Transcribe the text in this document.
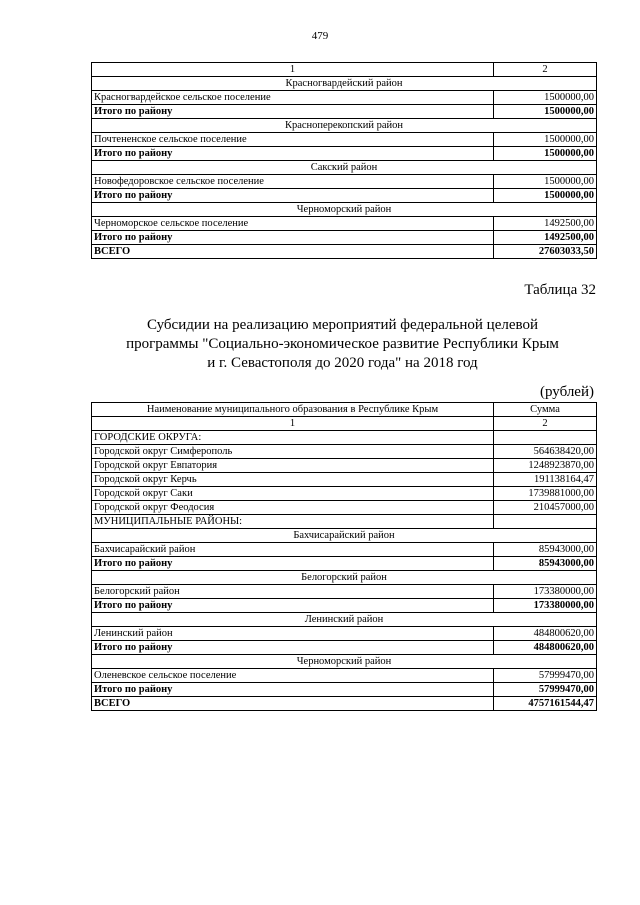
479
1	2
Красногвардейский район	
Красногвардейское сельское поселение	1500000,00
Итого по району	1500000,00
Красноперекопский район	
Почтененское сельское поселение	1500000,00
Итого по району	1500000,00
Сакский район	
Новофедоровское сельское поселение	1500000,00
Итого по району	1500000,00
Черноморский район	
Черноморское сельское поселение	1492500,00
Итого по району	1492500,00
ВСЕГО	27603033,50
Таблица 32
Субсидии на реализацию мероприятий федеральной целевой
программы "Социально-экономическое развитие Республики Крым
и г. Севастополя до 2020 года" на 2018 год
(рублей)
Наименование муниципального образования в Республике Крым	Сумма
1	2
ГОРОДСКИЕ ОКРУГА:	
Городской округ Симферополь	564638420,00
Городской округ Евпатория	1248923870,00
Городской округ Керчь	191138164,47
Городской округ Саки	1739881000,00
Городской округ Феодосия	210457000,00
МУНИЦИПАЛЬНЫЕ РАЙОНЫ:	
Бахчисарайский район	
Бахчисарайский район	85943000,00
Итого по району	85943000,00
Белогорский район	
Белогорский район	173380000,00
Итого по району	173380000,00
Ленинский район	
Ленинский район	484800620,00
Итого по району	484800620,00
Черноморский район	
Оленевское сельское поселение	57999470,00
Итого по району	57999470,00
ВСЕГО	4757161544,47
